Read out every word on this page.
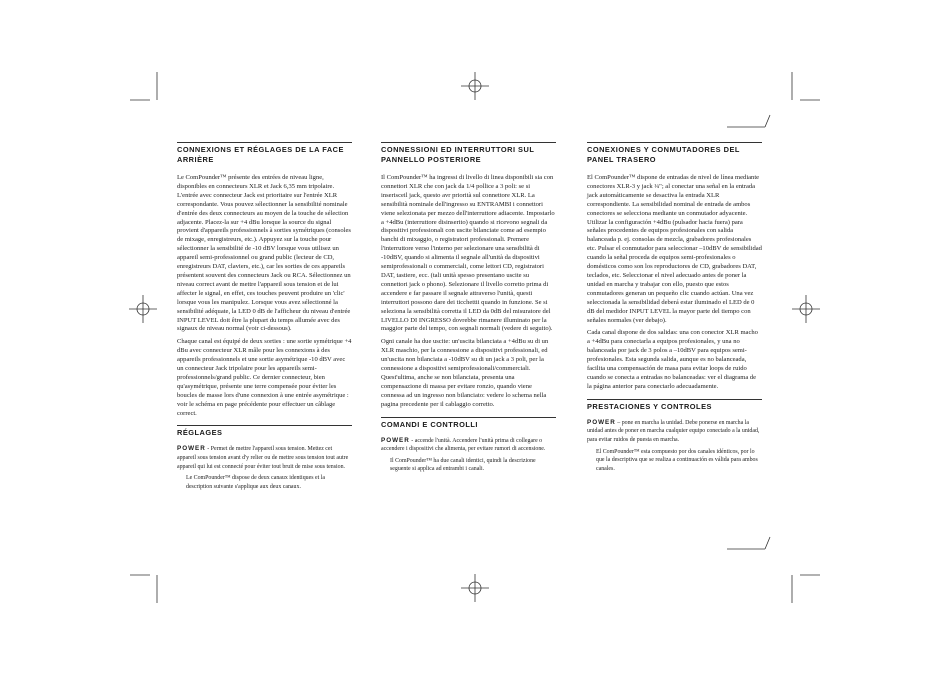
CONNEXIONS ET RÉGLAGES DE LA FACE ARRIÈRE

Le ComPounder™ présente des entrées de niveau ligne, disponibles en connecteurs XLR et Jack 6,35 mm tripolaire. L'entrée avec connecteur Jack est prioritaire sur l'entrée XLR correspondante. Vous pouvez sélectionner la sensibilité nominale d'entrée des deux connecteurs au moyen de la touche de sélection adjacente. Placez-la sur +4 dBu lorsque la source du signal provient d'appareils professionnels à sorties symétriques (consoles de mixage, enregistreurs, etc.). Appuyez sur la touche pour sélectionner la sensibilité de -10 dBV lorsque vous utilisez un appareil semi-professionnel ou grand public (lecteur de CD, enregistreurs DAT, claviers, etc.), car les sorties de ces appareils présentent souvent des connecteurs Jack ou RCA. Sélectionnez un niveau correct avant de mettre l'appareil sous tension et de lui affecter le signal, en effet, ces touches peuvent produire un 'clic' lorsque vous les manipulez. Lorsque vous avez sélectionné la sensibilité adéquate, la LED 0 dB de l'afficheur du niveau d'entrée INPUT LEVEL doit être la plupart du temps allumée avec des signaux de niveau normal (voir ci-dessous).

Chaque canal est équipé de deux sorties : une sortie symétrique +4 dBu avec connecteur XLR mâle pour les connexions à des appareils professionnels et une sortie asymétrique -10 dBV avec un connecteur Jack tripolaire pour les appareils semi-professionnels/grand public. Ce dernier connecteur, bien qu'asymétrique, présente une terre compensée pour éviter les boucles de masse lors d'une connexion à une entrée asymétrique : voir le schéma en page précédente pour effectuer un câblage correct.

RÉGLAGES

POWER - Permet de mettre l'appareil sous tension. Mettez cet appareil sous tension avant d'y relier ou de mettre sous tension tout autre appareil qui lui est connecté pour éviter tout bruit de mise sous tension.

Le ComPounder™ dispose de deux canaux identiques et la description suivante s'applique aux deux canaux.

CONNESSIONI ED INTERRUTTORI SUL PANNELLO POSTERIORE

Il ComPounder™ ha ingressi di livello di linea disponibili sia con connettori XLR che con jack da 1/4 pollice a 3 poli: se si inserisceil jack, questo avr priorità sul connettore XLR. La sensibilità nominale dell'ingresso su ENTRAMBI i connettori viene selezionata per mezzo dell'interruttore adiacente. Impostarlo a +4dBu (interruttore disinserito) quando si ricevono segnali da dispositivi professionali con uscite bilanciate come ad esempio banchi di mixaggio, o registratori professionali. Premere l'interruttore verso l'interno per selezionare una sensibilità di -10dBV, quando si alimenta il segnale all'unità da dispositivi semiprofessionali o commerciali, come lettori CD, registratori DAT, tastiere, ecc. (tali unità spesso presentano uscite su connettori jack o phono). Selezionare il livello corretto prima di accendere e far passare il segnale attraverso l'unità, questi interruttori possono dare dei ticchettii quando in funzione. Se si seleziona la sensibilità corretta il LED da 0dB del misuratore del LIVELLO DI INGRESSO dovrebbe rimanere illuminato per la maggior parte del tempo, con segnali normali (vedere di seguito).

Ogni canale ha due uscite: un'uscita bilanciata a +4dBu su di un XLR maschio, per la connessione a dispositivi professionali, ed un'uscita non bilanciata a -10dBV su di un jack a 3 poli, per la connessione a dispositivi semiprofessionali/commerciali. Quest'ultima, anche se non bilanciata, presenta una compensazione di massa per evitare ronzio, quando viene connessa ad un ingresso non bilanciato: vedere lo schema nella pagina precedente per il cablaggio corretto.

COMANDI E CONTROLLI

POWER - accende l'unità. Accendere l'unità prima di collegare o accendere i dispositivi che alimenta, per evitare rumori di accensione.

Il ComPounder™ ha due canali identici, quindi la descrizione seguente si applica ad entrambi i canali.

CONEXIONES Y CONMUTADORES DEL PANEL TRASERO

El ComPounder™ dispone de entradas de nivel de línea mediante conectores XLR-3 y jack ¼"; al conectar una señal en la entrada jack automáticamente se desactiva la entrada XLR correspondiente. La sensibilidad nominal de entrada de ambos conectores se selecciona mediante un conmutador adyacente. Utilizar la configuración +4dBu (pulsador hacia fuera) para señales procedentes de equipos profesionales con salida balanceada p. ej. consolas de mezcla, grabadores profesionales etc. Pulsar el conmutador para seleccionar –10dBV de sensibilidad cuando la señal proceda de equipos semi-profesionales o domésticos como son los reproductores de CD, grabadores DAT, teclados, etc. Seleccionar el nivel adecuado antes de poner la unidad en marcha y trabajar con ello, puesto que estos conmutadores generan un pequeño clic cuando actúan. Una vez seleccionada la sensibilidad deberá estar iluminado el LED de 0 dB del medidor INPUT LEVEL la mayor parte del tiempo con señales normales (ver debajo).

Cada canal dispone de dos salidas: una con conector XLR macho a +4dBu para conectarla a equipos profesionales, y una no balanceada por jack de 3 polos a –10dBV para equipos semi-profesionales. Esta segunda salida, aunque es no balanceada, facilita una compensación de masa para evitar loops de ruido cuando se conecta a entradas no balanceadas: ver el diagrama de la página anterior para conectarlo adecuadamente.

PRESTACIONES Y CONTROLES

POWER – pone en marcha la unidad. Debe ponerse en marcha la unidad antes de poner en marcha cualquier equipo conectado a la unidad, para evitar ruidos de puesta en marcha.

El ComPounder™ esta compuesto por dos canales idénticos, por lo que la descriptiva que se realiza a continuación es válida para ambos canales.
